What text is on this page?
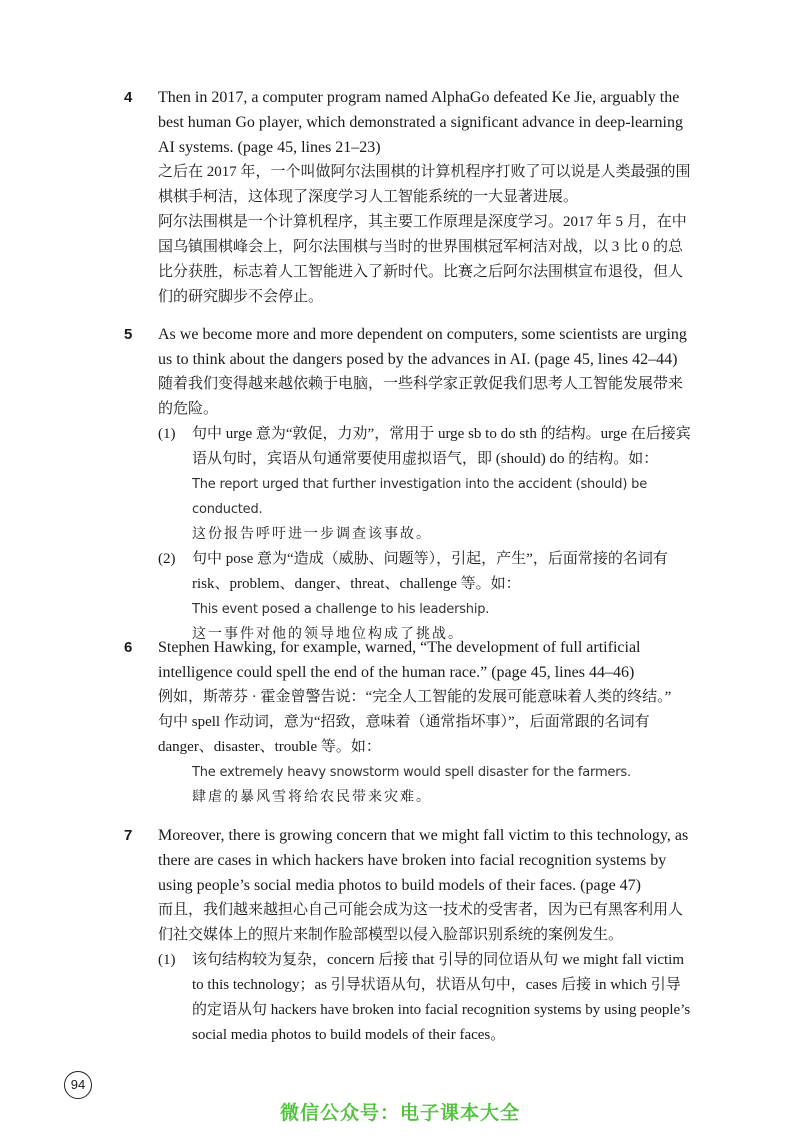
4	Then in 2017, a computer program named AlphaGo defeated Ke Jie, arguably the best human Go player, which demonstrated a significant advance in deep-learning AI systems. (page 45, lines 21–23)

之后在 2017 年，一个叫做阿尔法围棋的计算机程序打败了可以说是人类最强的围棋棋手柯洁，这体现了深度学习人工智能系统的一大显著进展。

阿尔法围棋是一个计算机程序，其主要工作原理是深度学习。2017 年 5 月，在中国乌镇围棋峰会上，阿尔法围棋与当时的世界围棋冠军柯洁对战，以 3 比 0 的总比分获胜，标志着人工智能进入了新时代。比赛之后阿尔法围棋宣布退役，但人们的研究脚步不会停止。

5	As we become more and more dependent on computers, some scientists are urging us to think about the dangers posed by the advances in AI. (page 45, lines 42–44)

随着我们变得越来越依赖于电脑，一些科学家正敦促我们思考人工智能发展带来的危险。

(1) 句中 urge 意为“敦促，力劝”，常用于 urge sb to do sth 的结构。urge 在后接宾语从句时，宾语从句通常要使用虚拟语气，即 (should) do 的结构。如：

The report urged that further investigation into the accident (should) be conducted.

这份报告呼吁进一步调查该事故。

(2) 句中 pose 意为“造成（威胁、问题等），引起，产生”，后面常接的名词有 risk、problem、danger、threat、challenge 等。如：

This event posed a challenge to his leadership.

这一事件对他的领导地位构成了挑战。

6	Stephen Hawking, for example, warned, “The development of full artificial intelligence could spell the end of the human race.” (page 45, lines 44–46)

例如，斯蒂芬 · 霍金曾警告说：“完全人工智能的发展可能意味着人类的终结。”

句中 spell 作动词，意为“招致，意味着（通常指坏事）”，后面常跟的名词有 danger、disaster、trouble 等。如：

The extremely heavy snowstorm would spell disaster for the farmers.

肆虐的暴风雪将给农民带来灾难。

7	Moreover, there is growing concern that we might fall victim to this technology, as there are cases in which hackers have broken into facial recognition systems by using people’s social media photos to build models of their faces. (page 47)

而且，我们越来越担心自己可能会成为这一技术的受害者，因为已有黑客利用人们社交媒体上的照片来制作脸部模型以侵入脸部识别系统的案例发生。

(1) 该句结构较为复杂，concern 后接 that 引导的同位语从句 we might fall victim to this technology；as 引导状语从句，状语从句中，cases 后接 in which 引导的定语从句 hackers have broken into facial recognition systems by using people’s social media photos to build models of their faces。

94
微信公众号：电子课本大全
